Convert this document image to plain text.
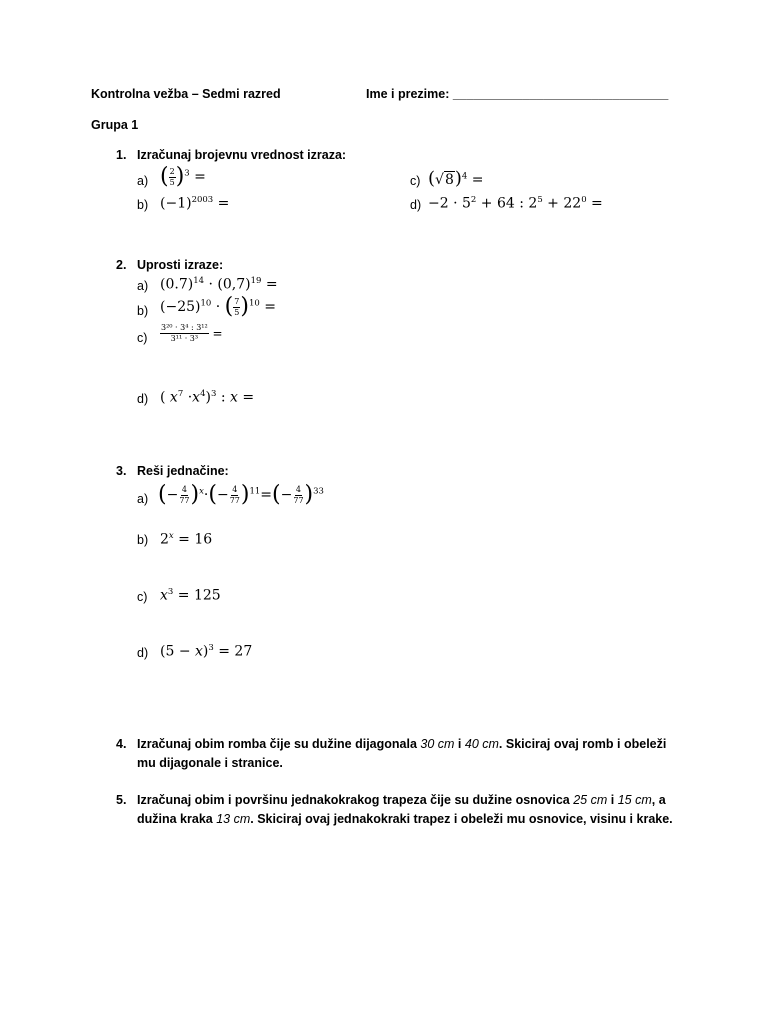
Kontrolna vežba – Sedmi razred	Ime i prezime: _______________________________
Grupa 1
1. Izračunaj brojevnu vrednost izraza:
a) ( $\frac{2}{5} )^3$ =
b) $(-1)^{2003}$ =
c) $(√8)^4$ =
$d) -2 \cdot 5^2 + 64$ : $2^5 + 22^0$ =
2. Uprosti izraze:
a) $(0.7)^{14} \cdot (0,7)^{19}$ =
b) $(-25)^{10}$ · ( $\frac{7}{5} )^{10}$ =
$c) \frac{\text{3²⁰ · 3⁴ : 3¹²}}{\text{3¹¹ · 3³}}$ =
d) ( $x^7 \cdot x^4)^3$ : x =
3. Reši jednačine:
a) (− $\frac{4}{77} )^x\cdot(- \frac{4}{77} )^{11}=(- \frac{4}{77} )^{33}$
b) $2^x = 16$
c) $x^3 = 125$
d) $(5 - x)^3 = 27$
4. Izračunaj obim romba čije su dužine dijagonala 30 cm i 40 cm. Skiciraj ovaj romb i obeleži mu dijagonale i stranice.
5. Izračunaj obim i površinu jednakokrakog trapeza čije su dužine osnovica 25 cm i 15 cm, a dužina kraka 13 cm. Skiciraj ovaj jednakokraki trapez i obeleži mu osnovice, visinu i krake.
